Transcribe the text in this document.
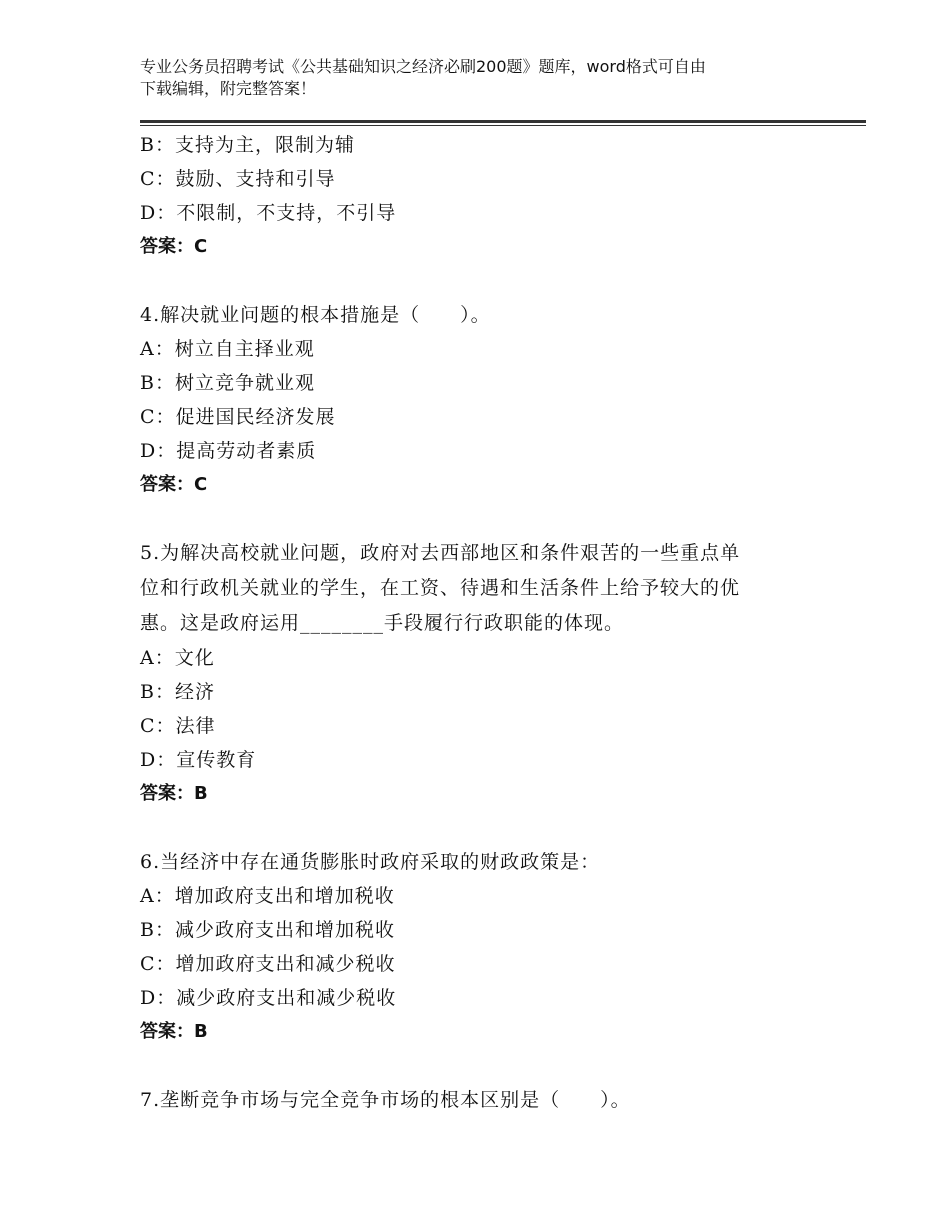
专业公务员招聘考试《公共基础知识之经济必刷200题》题库，word格式可自由
下载编辑，附完整答案！
B：支持为主，限制为辅
C：鼓励、支持和引导
D：不限制，不支持，不引导
答案：C
4.解决就业问题的根本措施是（　　）。
A：树立自主择业观
B：树立竞争就业观
C：促进国民经济发展
D：提高劳动者素质
答案：C
5.为解决高校就业问题，政府对去西部地区和条件艰苦的一些重点单
位和行政机关就业的学生，在工资、待遇和生活条件上给予较大的优
惠。这是政府运用________手段履行行政职能的体现。
A：文化
B：经济
C：法律
D：宣传教育
答案：B
6.当经济中存在通货膨胀时政府采取的财政政策是：
A：增加政府支出和增加税收
B：减少政府支出和增加税收
C：增加政府支出和减少税收
D：减少政府支出和减少税收
答案：B
7.垄断竞争市场与完全竞争市场的根本区别是（　　）。
